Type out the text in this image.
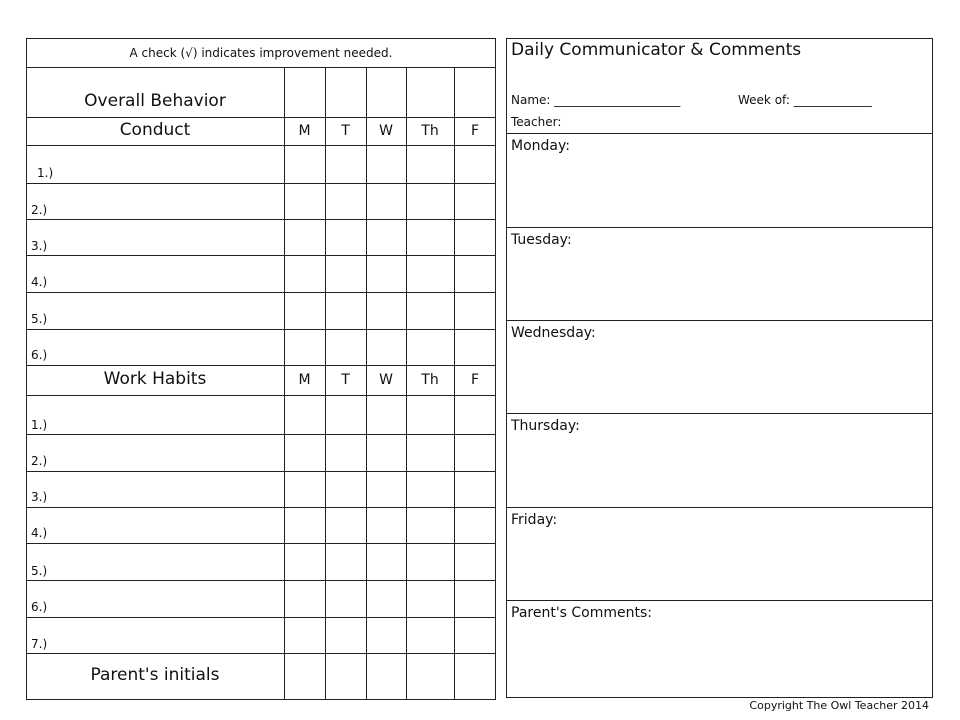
A check (√) indicates improvement needed.
Overall Behavior
Conduct	M	T	W	Th	F
1.)
2.)
3.)
4.)
5.)
6.)
Work Habits	M	T	W	Th	F
1.)
2.)
3.)
4.)
5.)
6.)
7.)
Parent's initials
Daily Communicator & Comments
Name: _____________________	Week of: _____________
Teacher:
Monday:
Tuesday:
Wednesday:
Thursday:
Friday:
Parent's Comments:
Copyright The Owl Teacher 2014
